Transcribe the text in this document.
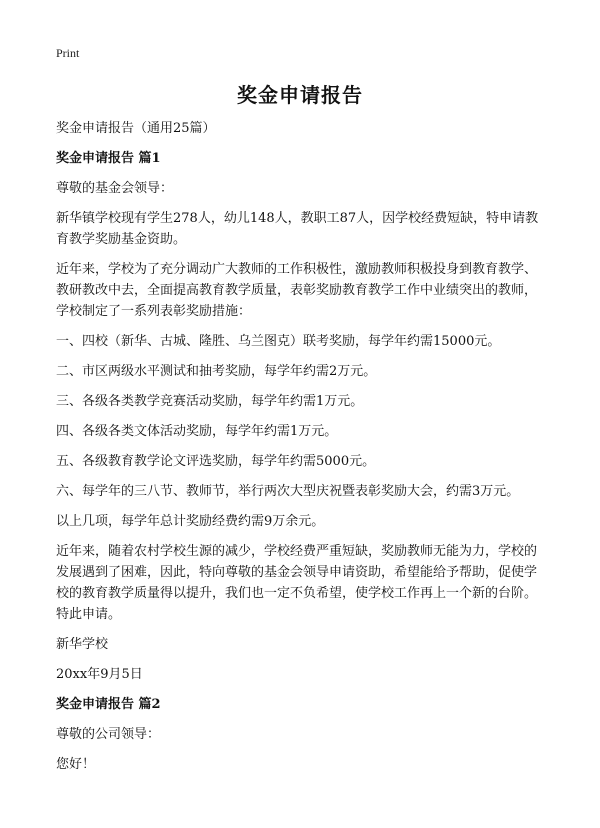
Print
奖金申请报告

奖金申请报告（通用25篇）

奖金申请报告 篇1

尊敬的基金会领导：

新华镇学校现有学生278人，幼儿148人，教职工87人，因学校经费短缺，特申请教育教学奖励基金资助。

近年来，学校为了充分调动广大教师的工作积极性，激励教师积极投身到教育教学、教研教改中去，全面提高教育教学质量，表彰奖励教育教学工作中业绩突出的教师，学校制定了一系列表彰奖励措施：

一、四校（新华、古城、隆胜、乌兰图克）联考奖励，每学年约需15000元。

二、市区两级水平测试和抽考奖励，每学年约需2万元。

三、各级各类教学竞赛活动奖励，每学年约需1万元。

四、各级各类文体活动奖励，每学年约需1万元。

五、各级教育教学论文评选奖励，每学年约需5000元。

六、每学年的三八节、教师节，举行两次大型庆祝暨表彰奖励大会，约需3万元。

以上几项，每学年总计奖励经费约需9万余元。

近年来，随着农村学校生源的减少，学校经费严重短缺，奖励教师无能为力，学校的发展遇到了困难，因此，特向尊敬的基金会领导申请资助，希望能给予帮助，促使学校的教育教学质量得以提升，我们也一定不负希望，使学校工作再上一个新的台阶。 特此申请。

新华学校

20xx年9月5日

奖金申请报告 篇2

尊敬的公司领导：

您好！
